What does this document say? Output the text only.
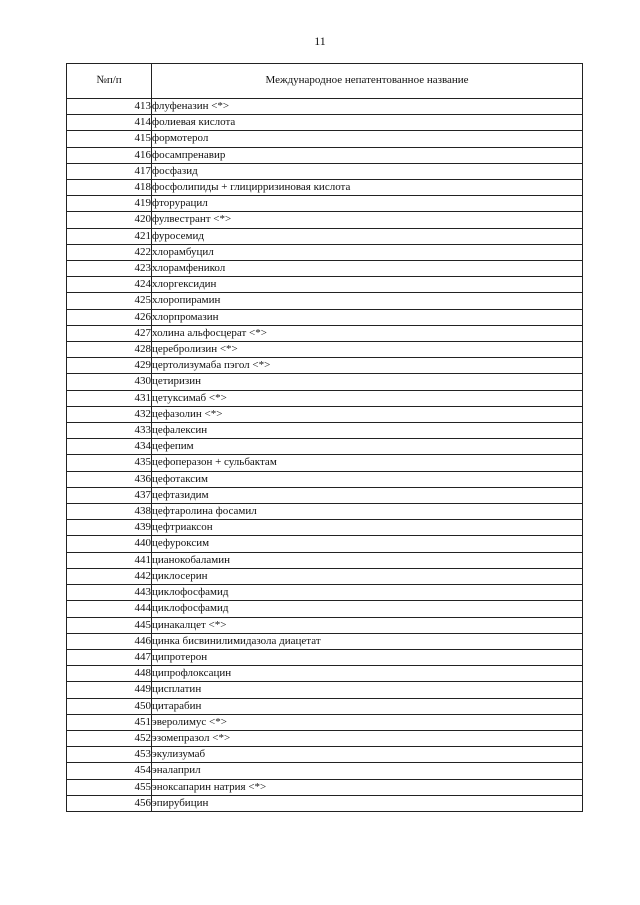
11
№п/п	Международное непатентованное название
413	флуфеназин <*>
414	фолиевая кислота
415	формотерол
416	фосампренавир
417	фосфазид
418	фосфолипиды + глицирризиновая кислота
419	фторурацил
420	фулвестрант <*>
421	фуросемид
422	хлорамбуцил
423	хлорамфеникол
424	хлоргексидин
425	хлоропирамин
426	хлорпромазин
427	холина альфосцерат <*>
428	церебролизин <*>
429	цертолизумаба пэгол <*>
430	цетиризин
431	цетуксимаб <*>
432	цефазолин <*>
433	цефалексин
434	цефепим
435	цефоперазон + сульбактам
436	цефотаксим
437	цефтазидим
438	цефтаролина фосамил
439	цефтриаксон
440	цефуроксим
441	цианокобаламин
442	циклосерин
443	циклофосфамид
444	циклофосфамид
445	цинакалцет <*>
446	цинка бисвинилимидазола диацетат
447	ципротерон
448	ципрофлоксацин
449	цисплатин
450	цитарабин
451	эверолимус <*>
452	эзомепразол <*>
453	экулизумаб
454	эналаприл
455	эноксапарин натрия <*>
456	эпирубицин
